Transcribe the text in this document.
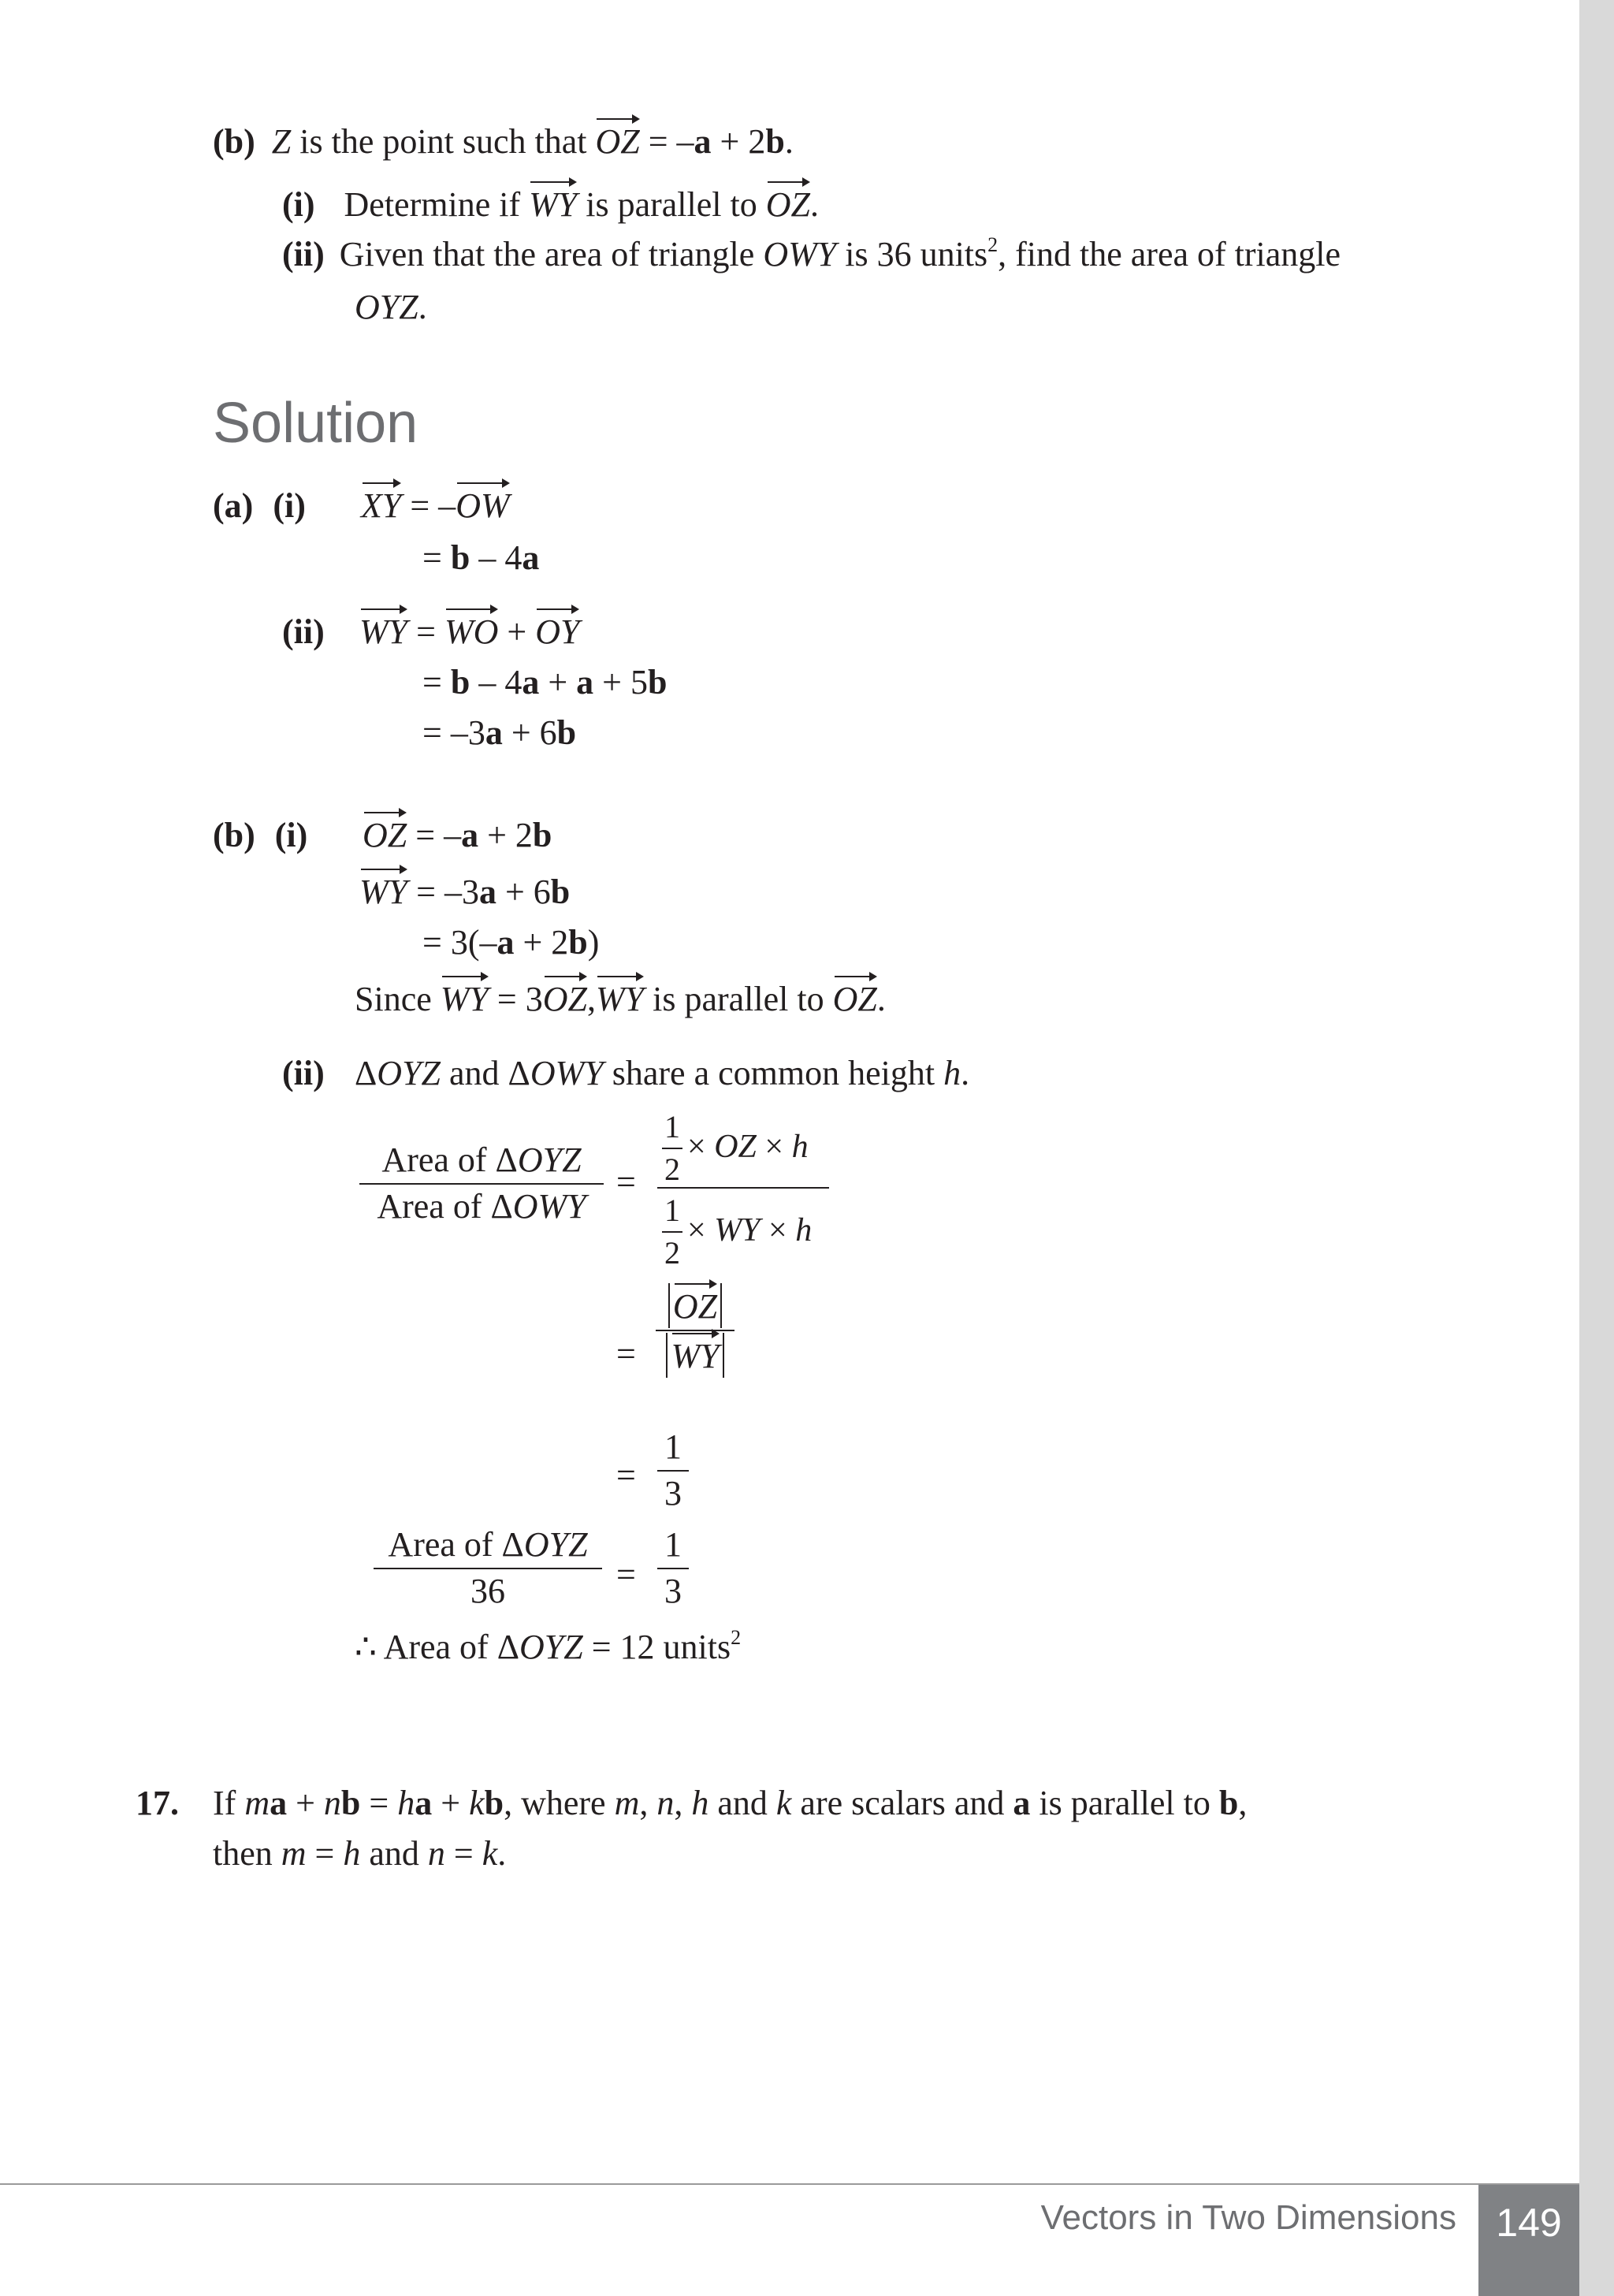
(b) Z is the point such that OZ = –a + 2b.
(i) Determine if WY is parallel to OZ.
(ii) Given that the area of triangle OWY is 36 units$^2$, find the area of triangle
OYZ.
Solution
(a) (i) XY = –OW
= b – 4a
(ii) WY = WO + OY
= b – 4a + a + 5b
= –3a + 6b
(b) (i) OZ = –a + 2b
WY = –3a + 6b
= 3(–a + 2b)
Since WY = 3OZ,WY is parallel to OZ.
(ii) ΔOYZ and ΔOWY share a common height h.
Area of ΔOYZ
Area of ΔOWY
=
1
2
× OZ × h
1
2
× WY × h
=
OZ
WY
=
1
3
Area of ΔOYZ
36	=
1
3
∴ Area of ΔOYZ = 12 units$^2$
17. If ma + nb = ha + kb, where m, n, h and k are scalars and a is parallel to b,
then m = h and n = k.
Vectors in Two Dimensions	149
